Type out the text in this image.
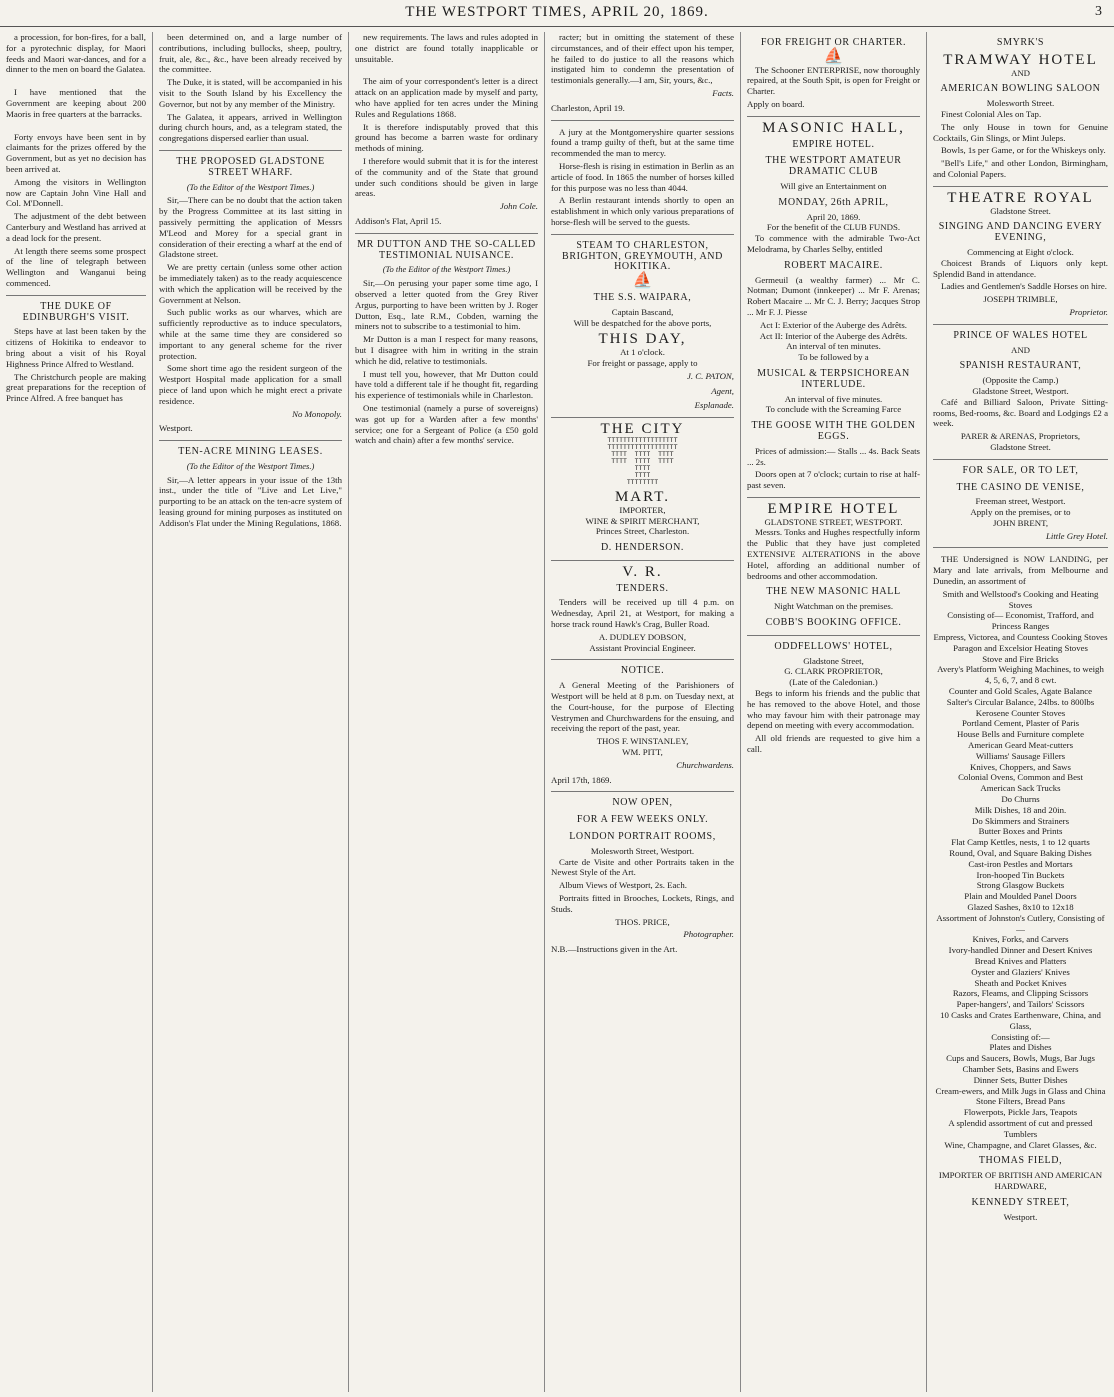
THE WESTPORT TIMES, APRIL 20, 1869.	3

a procession, for bon-fires, for a ball, for a pyrotechnic display, for Maori feeds and Maori war-dances, and for a dinner to the men on board the Galatea.

I have mentioned that the Government are keeping about 200 Maoris in free quarters at the barracks.

Forty envoys have been sent in by claimants for the prizes offered by the Government, but as yet no decision has been arrived at.

Among the visitors in Wellington now are Captain John Vine Hall and Col. M'Donnell.

The adjustment of the debt between Canterbury and Westland has arrived at a dead lock for the present.

At length there seems some prospect of the line of telegraph between Wellington and Wanganui being commenced.

THE DUKE OF EDINBURGH'S VISIT.

Steps have at last been taken by the citizens of Hokitika to endeavor to bring about a visit of his Royal Highness Prince Alfred to Westland.

The Christchurch people are making great preparations for the reception of Prince Alfred. A free banquet has

been determined on, and a large number of contributions, including bullocks, sheep, poultry, fruit, ale, &c., &c., have been already received by the committee.

The Duke, it is stated, will be accompanied in his visit to the South Island by his Excellency the Governor, but not by any member of the Ministry.

The Galatea, it appears, arrived in Wellington during church hours, and, as a telegram stated, the congregations dispersed earlier than usual.

THE PROPOSED GLADSTONE STREET WHARF.
(To the Editor of the Westport Times.)

Sir,—There can be no doubt that the action taken by the Progress Committee at its last sitting in passively permitting the application of Messrs M'Leod and Morey for a special grant in consideration of their erecting a wharf at the end of Gladstone street.

We are pretty certain (unless some other action be immediately taken) as to the ready acquiescence with which the application will be received by the Government at Nelson.

Such public works as our wharves, which are sufficiently reproductive as to induce speculators, while at the same time they are considered so important to any general scheme for the river protection.

Some short time ago the resident surgeon of the Westport Hospital made application for a small piece of land upon which he might erect a private residence.

No Monopoly.
Westport.
TEN-ACRE MINING LEASES.
(To the Editor of the Westport Times.)

Sir,—A letter appears in your issue of the 13th inst., under the title of "Live and Let Live," purporting to be an attack on the ten-acre system of leasing ground for mining purposes as instituted on Addison's Flat under the Mining Regulations, 1868.

new requirements. The laws and rules adopted in one district are found totally inapplicable or unsuitable.

The aim of your correspondent's letter is a direct attack on an application made by myself and party, who have applied for ten acres under the Mining Rules and Regulations 1868.

It is therefore indisputably proved that this ground has become a barren waste for ordinary methods of mining.

I therefore would submit that it is for the interest of the community and of the State that ground under such conditions should be given in large areas.

John Cole.
Addison's Flat, April 15.
MR DUTTON AND THE SO-CALLED TESTIMONIAL NUISANCE.
(To the Editor of the Westport Times.)

Sir,—On perusing your paper some time ago, I observed a letter quoted from the Grey River Argus, purporting to have been written by J. Roger Dutton, Esq., late R.M., Cobden, warning the miners not to subscribe to a testimonial to him.

Mr Dutton is a man I respect for many reasons, but I disagree with him in writing in the strain which he did, relative to testimonials.

I must tell you, however, that Mr Dutton could have told a different tale if he thought fit, regarding his experience of testimonials while in Charleston.

One testimonial (namely a purse of sovereigns) was got up for a Warden after a few months' service; one for a Sergeant of Police (a £50 gold watch and chain) after a few months' service.

racter; but in omitting the statement of these circumstances, and of their effect upon his temper, he failed to do justice to all the reasons which instigated him to condemn the presentation of testimonials generally.—I am, Sir, yours, &c.,

Facts.
Charleston, April 19.

A jury at the Montgomeryshire quarter sessions found a tramp guilty of theft, but at the same time recommended the man to mercy.

Horse-flesh is rising in estimation in Berlin as an article of food. In 1865 the number of horses killed for this purpose was no less than 4044.

A Berlin restaurant intends shortly to open an establishment in which only various preparations of horse-flesh will be served to the guests.

STEAM TO CHARLESTON, BRIGHTON, GREYMOUTH, AND HOKITIKA.
⛵
THE S.S. WAIPARA,
Captain Bascand,
Will be despatched for the above ports,
THIS DAY,
At 1 o'clock.
For freight or passage, apply to
J. C. PATON,
Agent,
Esplanade.
THE CITY
TTTTTTTTTTTTTTTTTT
TTTTTTTTTTTTTTTTTT
TTTT  TTTT  TTTT
TTTT  TTTT  TTTT
TTTT
TTTT
TTTTTTTT
MART.
IMPORTER,
WINE & SPIRIT MERCHANT,
Princes Street, Charleston.
D. HENDERSON.
V. R.
TENDERS.

Tenders will be received up till 4 p.m. on Wednesday, April 21, at Westport, for making a horse track round Hawk's Crag, Buller Road.

A. DUDLEY DOBSON,
Assistant Provincial Engineer.
NOTICE.

A General Meeting of the Parishioners of Westport will be held at 8 p.m. on Tuesday next, at the Court-house, for the purpose of Electing Vestrymen and Churchwardens for the ensuing, and receiving the report of the past, year.

THOS F. WINSTANLEY,
WM. PITT,
Churchwardens.
April 17th, 1869.
NOW OPEN,
FOR A FEW WEEKS ONLY.
LONDON PORTRAIT ROOMS,
Molesworth Street, Westport.

Carte de Visite and other Portraits taken in the Newest Style of the Art.

Album Views of Westport, 2s. Each.

Portraits fitted in Brooches, Lockets, Rings, and Studs.

THOS. PRICE,
Photographer.
N.B.—Instructions given in the Art.
FOR FREIGHT OR CHARTER.
⛵

The Schooner ENTERPRISE, now thoroughly repaired, at the South Spit, is open for Freight or Charter.

Apply on board.
MASONIC HALL,
EMPIRE HOTEL.
THE WESTPORT AMATEUR DRAMATIC CLUB
Will give an Entertainment on
MONDAY, 26th APRIL,
April 20, 1869.
For the benefit of the CLUB FUNDS.

To commence with the admirable Two-Act Melodrama, by Charles Selby, entitled

ROBERT MACAIRE.

Germeuil (a wealthy farmer) ... Mr C. Notman; Dumont (innkeeper) ... Mr F. Arenas; Robert Macaire ... Mr C. J. Berry; Jacques Strop ... Mr F. J. Piesse

Act I: Exterior of the Auberge des Adrêts.
Act II: Interior of the Auberge des Adrêts.
An interval of ten minutes.
To be followed by a
MUSICAL & TERPSICHOREAN INTERLUDE.
An interval of five minutes.
To conclude with the Screaming Farce
THE GOOSE WITH THE GOLDEN EGGS.

Prices of admission:— Stalls ... 4s. Back Seats ... 2s.

Doors open at 7 o'clock; curtain to rise at half-past seven.

EMPIRE HOTEL
GLADSTONE STREET, WESTPORT.

Messrs. Tonks and Hughes respectfully inform the Public that they have just completed EXTENSIVE ALTERATIONS in the above Hotel, affording an additional number of bedrooms and other accommodation.

THE NEW MASONIC HALL
Night Watchman on the premises.
COBB'S BOOKING OFFICE.
ODDFELLOWS' HOTEL,
Gladstone Street,
G. CLARK PROPRIETOR,
(Late of the Caledonian.)

Begs to inform his friends and the public that he has removed to the above Hotel, and those who may favour him with their patronage may depend on meeting with every accommodation.

All old friends are requested to give him a call.

SMYRK'S
TRAMWAY HOTEL
AND
AMERICAN BOWLING SALOON
Molesworth Street.

Finest Colonial Ales on Tap.

The only House in town for Genuine Cocktails, Gin Slings, or Mint Juleps.

Bowls, 1s per Game, or for the Whiskeys only.

"Bell's Life," and other London, Birmingham, and Colonial Papers.

THEATRE ROYAL
Gladstone Street.
SINGING AND DANCING EVERY EVENING,
Commencing at Eight o'clock.

Choicest Brands of Liquors only kept. Splendid Band in attendance.

Ladies and Gentlemen's Saddle Horses on hire.

JOSEPH TRIMBLE,
Proprietor.
PRINCE OF WALES HOTEL
AND
SPANISH RESTAURANT,
(Opposite the Camp.)
Gladstone Street, Westport.

Café and Billiard Saloon, Private Sitting-rooms, Bed-rooms, &c. Board and Lodgings £2 a week.

PARER & ARENAS, Proprietors,
Gladstone Street.
FOR SALE, OR TO LET,
THE CASINO DE VENISE,
Freeman street, Westport.
Apply on the premises, or to
JOHN BRENT,
Little Grey Hotel.

THE Undersigned is NOW LANDING, per Mary and late arrivals, from Melbourne and Dunedin, an assortment of

Smith and Wellstood's Cooking and Heating Stoves
Consisting of— Economist, Trafford, and Princess Ranges
Empress, Victorea, and Countess Cooking Stoves
Paragon and Excelsior Heating Stoves
Stove and Fire Bricks
Avery's Platform Weighing Machines, to weigh 4, 5, 6, 7, and 8 cwt.
Counter and Gold Scales, Agate Balance
Salter's Circular Balance, 24lbs. to 800lbs
Kerosene Counter Stoves
Portland Cement, Plaster of Paris
House Bells and Furniture complete
American Geard Meat-cutters
Williams' Sausage Fillers
Knives, Choppers, and Saws
Colonial Ovens, Common and Best
American Sack Trucks
Do Churns
Milk Dishes, 18 and 20in.
Do Skimmers and Strainers
Butter Boxes and Prints
Flat Camp Kettles, nests, 1 to 12 quarts
Round, Oval, and Square Baking Dishes
Cast-iron Pestles and Mortars
Iron-hooped Tin Buckets
Strong Glasgow Buckets
Plain and Moulded Panel Doors
Glazed Sashes, 8x10 to 12x18
Assortment of Johnston's Cutlery, Consisting of—
Knives, Forks, and Carvers
Ivory-handled Dinner and Desert Knives
Bread Knives and Platters
Oyster and Glaziers' Knives
Sheath and Pocket Knives
Razors, Fleams, and Clipping Scissors
Paper-hangers', and Tailors' Scissors
10 Casks and Crates Earthenware, China, and Glass,
Consisting of:—
Plates and Dishes
Cups and Saucers, Bowls, Mugs, Bar Jugs
Chamber Sets, Basins and Ewers
Dinner Sets, Butter Dishes
Cream-ewers, and Milk Jugs in Glass and China
Stone Filters, Bread Pans
Flowerpots, Pickle Jars, Teapots
A splendid assortment of cut and pressed Tumblers
Wine, Champagne, and Claret Glasses, &c.
THOMAS FIELD,
IMPORTER OF BRITISH AND AMERICAN HARDWARE,
KENNEDY STREET,
Westport.
